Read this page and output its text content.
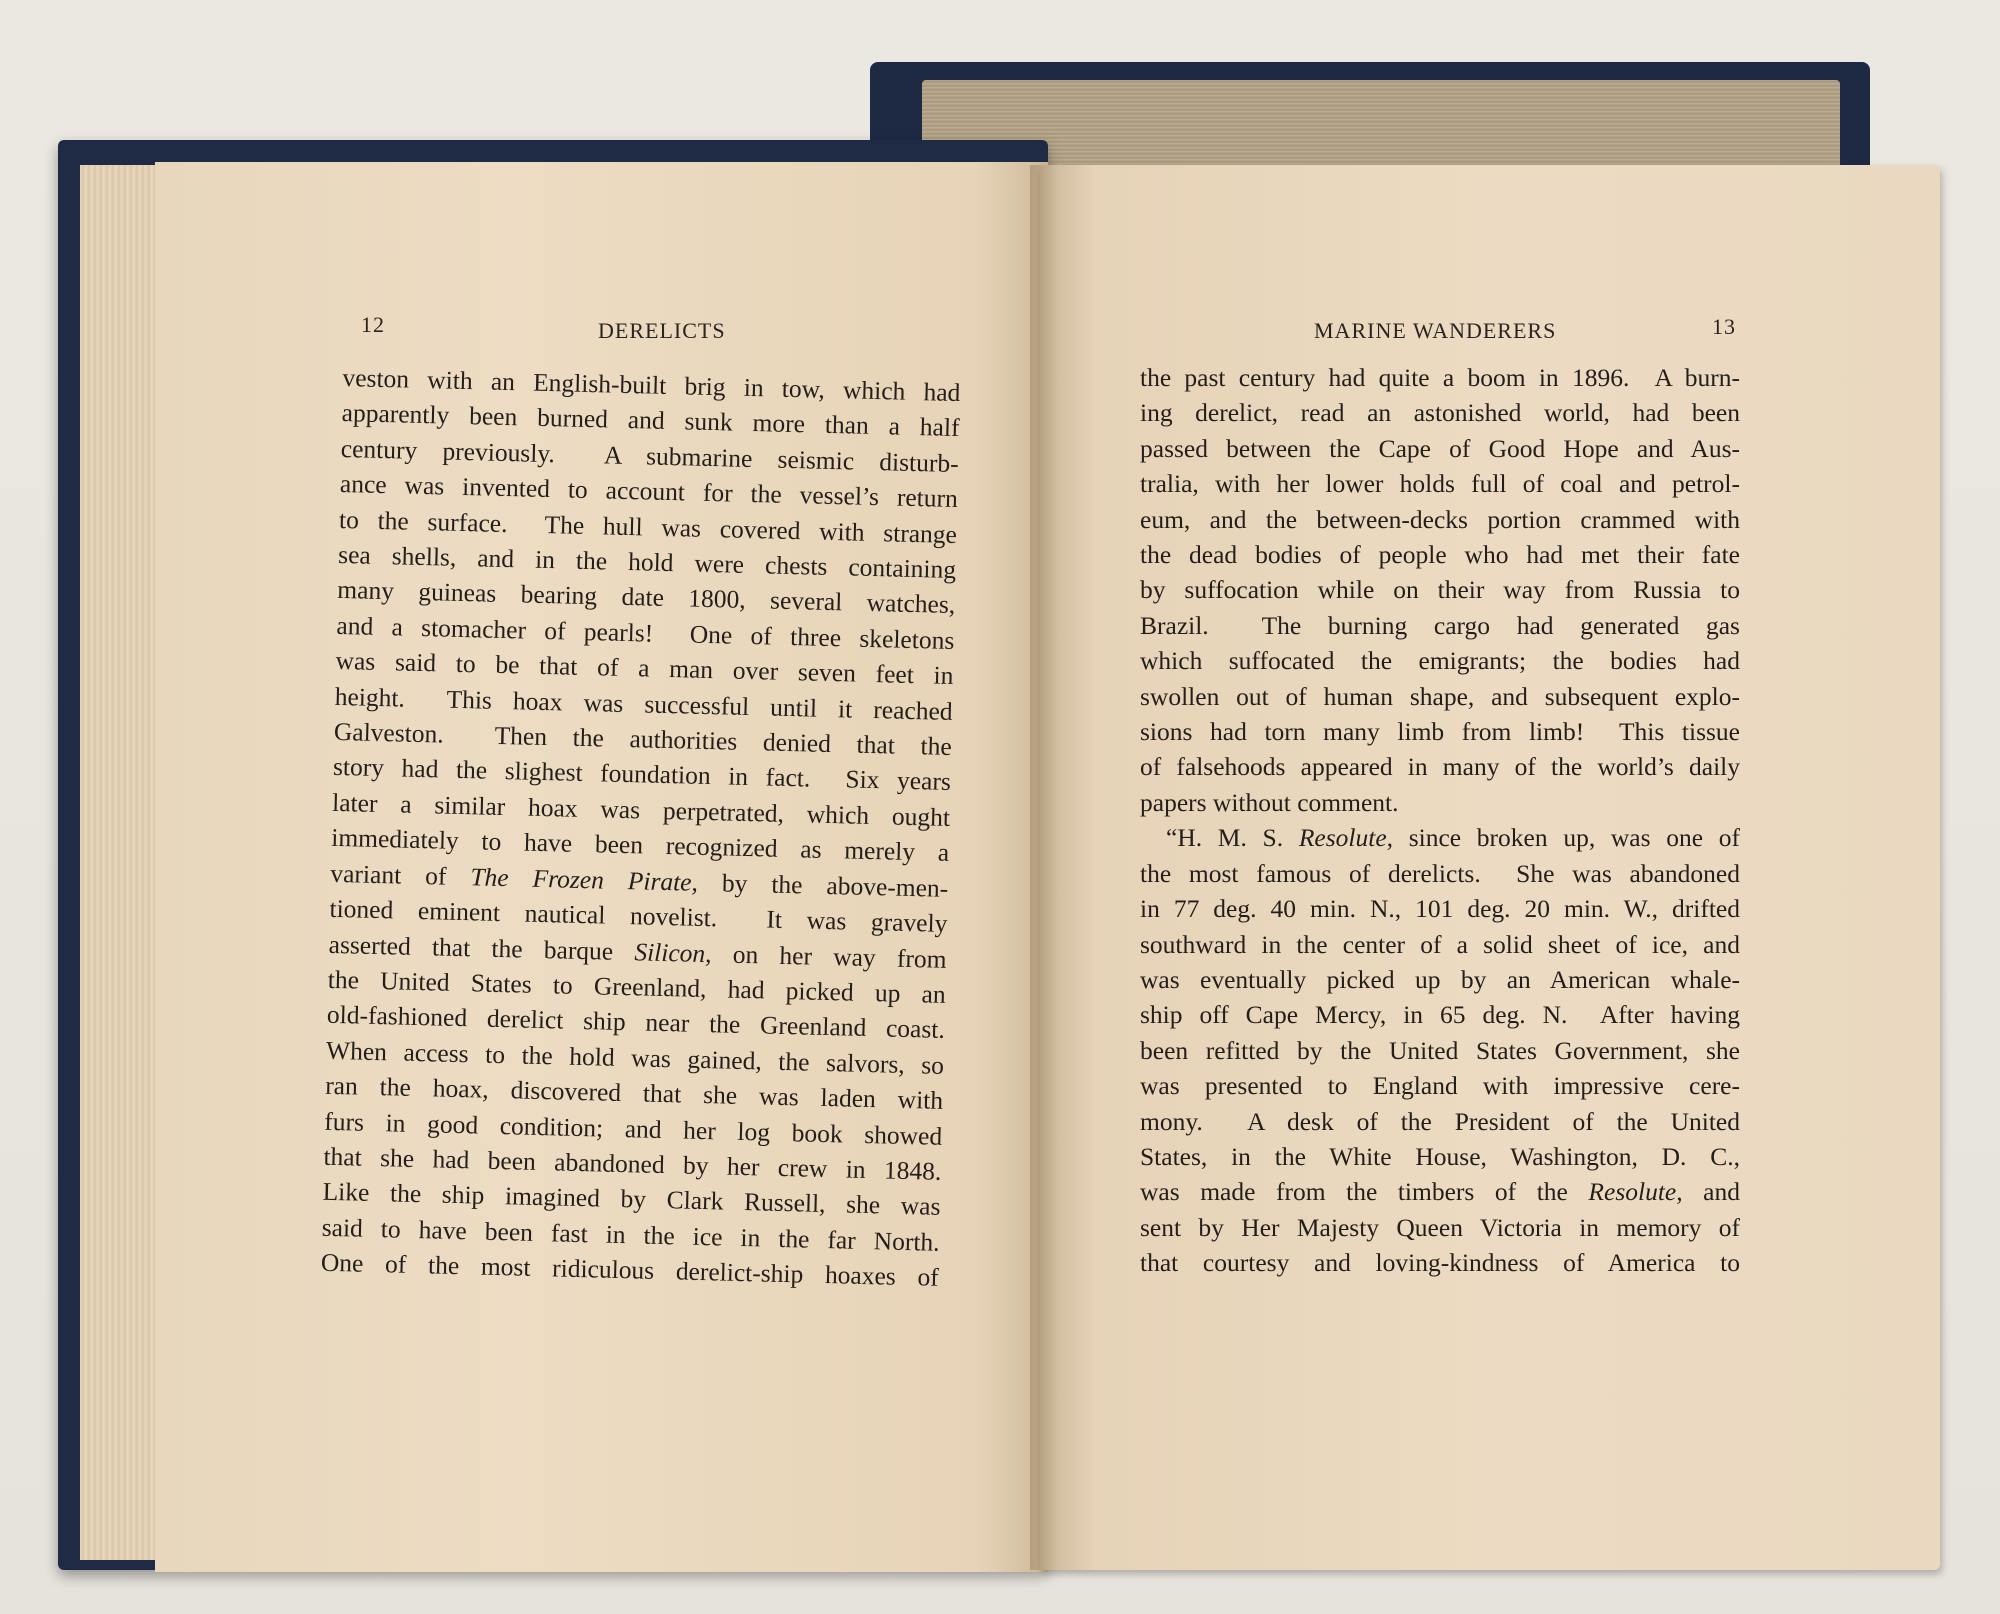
12	DERELICTS	MARINE WANDERERS	13
veston with an English-built brig in tow, which had
apparently been burned and sunk more than a half
century previously.  A submarine seismic disturb-
ance was invented to account for the vessel’s return
to the surface.  The hull was covered with strange
sea shells, and in the hold were chests containing
many guineas bearing date 1800, several watches,
and a stomacher of pearls!  One of three skeletons
was said to be that of a man over seven feet in
height.  This hoax was successful until it reached
Galveston.  Then the authorities denied that the
story had the slighest foundation in fact.  Six years
later a similar hoax was perpetrated, which ought
immediately to have been recognized as merely a
variant of The Frozen Pirate, by the above-men-
tioned eminent nautical novelist.  It was gravely
asserted that the barque Silicon, on her way from
the United States to Greenland, had picked up an
old-fashioned derelict ship near the Greenland coast.
When access to the hold was gained, the salvors, so
ran the hoax, discovered that she was laden with
furs in good condition; and her log book showed
that she had been abandoned by her crew in 1848.
Like the ship imagined by Clark Russell, she was
said to have been fast in the ice in the far North.
One of the most ridiculous derelict-ship hoaxes of
the past century had quite a boom in 1896.  A burn-
ing derelict, read an astonished world, had been
passed between the Cape of Good Hope and Aus-
tralia, with her lower holds full of coal and petrol-
eum, and the between-decks portion crammed with
the dead bodies of people who had met their fate
by suffocation while on their way from Russia to
Brazil.  The burning cargo had generated gas
which suffocated the emigrants; the bodies had
swollen out of human shape, and subsequent explo-
sions had torn many limb from limb!  This tissue
of falsehoods appeared in many of the world’s daily
papers without comment.
“H. M. S. Resolute, since broken up, was one of
the most famous of derelicts.  She was abandoned
in 77 deg. 40 min. N., 101 deg. 20 min. W., drifted
southward in the center of a solid sheet of ice, and
was eventually picked up by an American whale-
ship off Cape Mercy, in 65 deg. N.  After having
been refitted by the United States Government, she
was presented to England with impressive cere-
mony.  A desk of the President of the United
States, in the White House, Washington, D. C.,
was made from the timbers of the Resolute, and
sent by Her Majesty Queen Victoria in memory of
that courtesy and loving-kindness of America to
